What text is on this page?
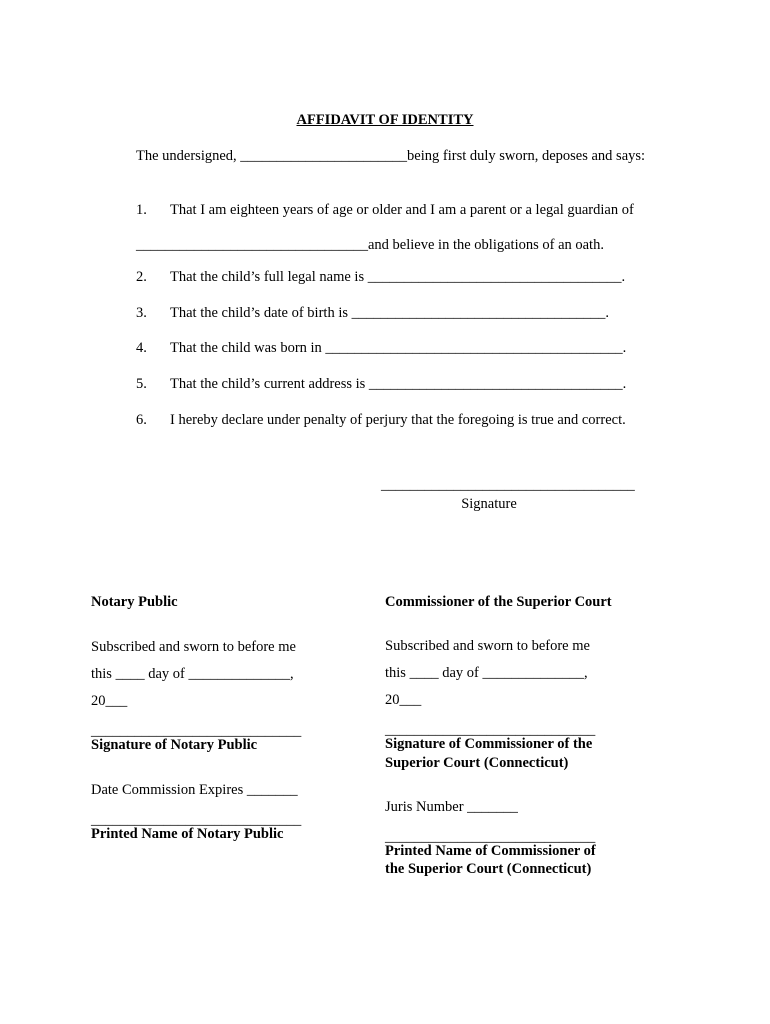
AFFIDAVIT OF IDENTITY
The undersigned, _______________________being first duly sworn, deposes and says:
1.	That I am eighteen years of age or older and I am a parent or a legal guardian of
________________________________and believe in the obligations of an oath.
2.	That the child’s full legal name is ___________________________________.
3.	That the child’s date of birth is ___________________________________.
4.	That the child was born in _________________________________________.
5.	That the child’s current address is ___________________________________.
6.	I hereby declare under penalty of perjury that the foregoing is true and correct.
___________________________________
Signature
Notary Public
Subscribed and sworn to before me
this ____ day of ______________,
20___
_____________________________
Signature of Notary Public
Date Commission Expires _______
_____________________________
Printed Name of Notary Public
Commissioner of the Superior Court
Subscribed and sworn to before me
this ____ day of ______________,
20___
_____________________________
Signature of Commissioner of the
Superior Court (Connecticut)
Juris Number _______
_____________________________
Printed Name of Commissioner of
the Superior Court (Connecticut)
